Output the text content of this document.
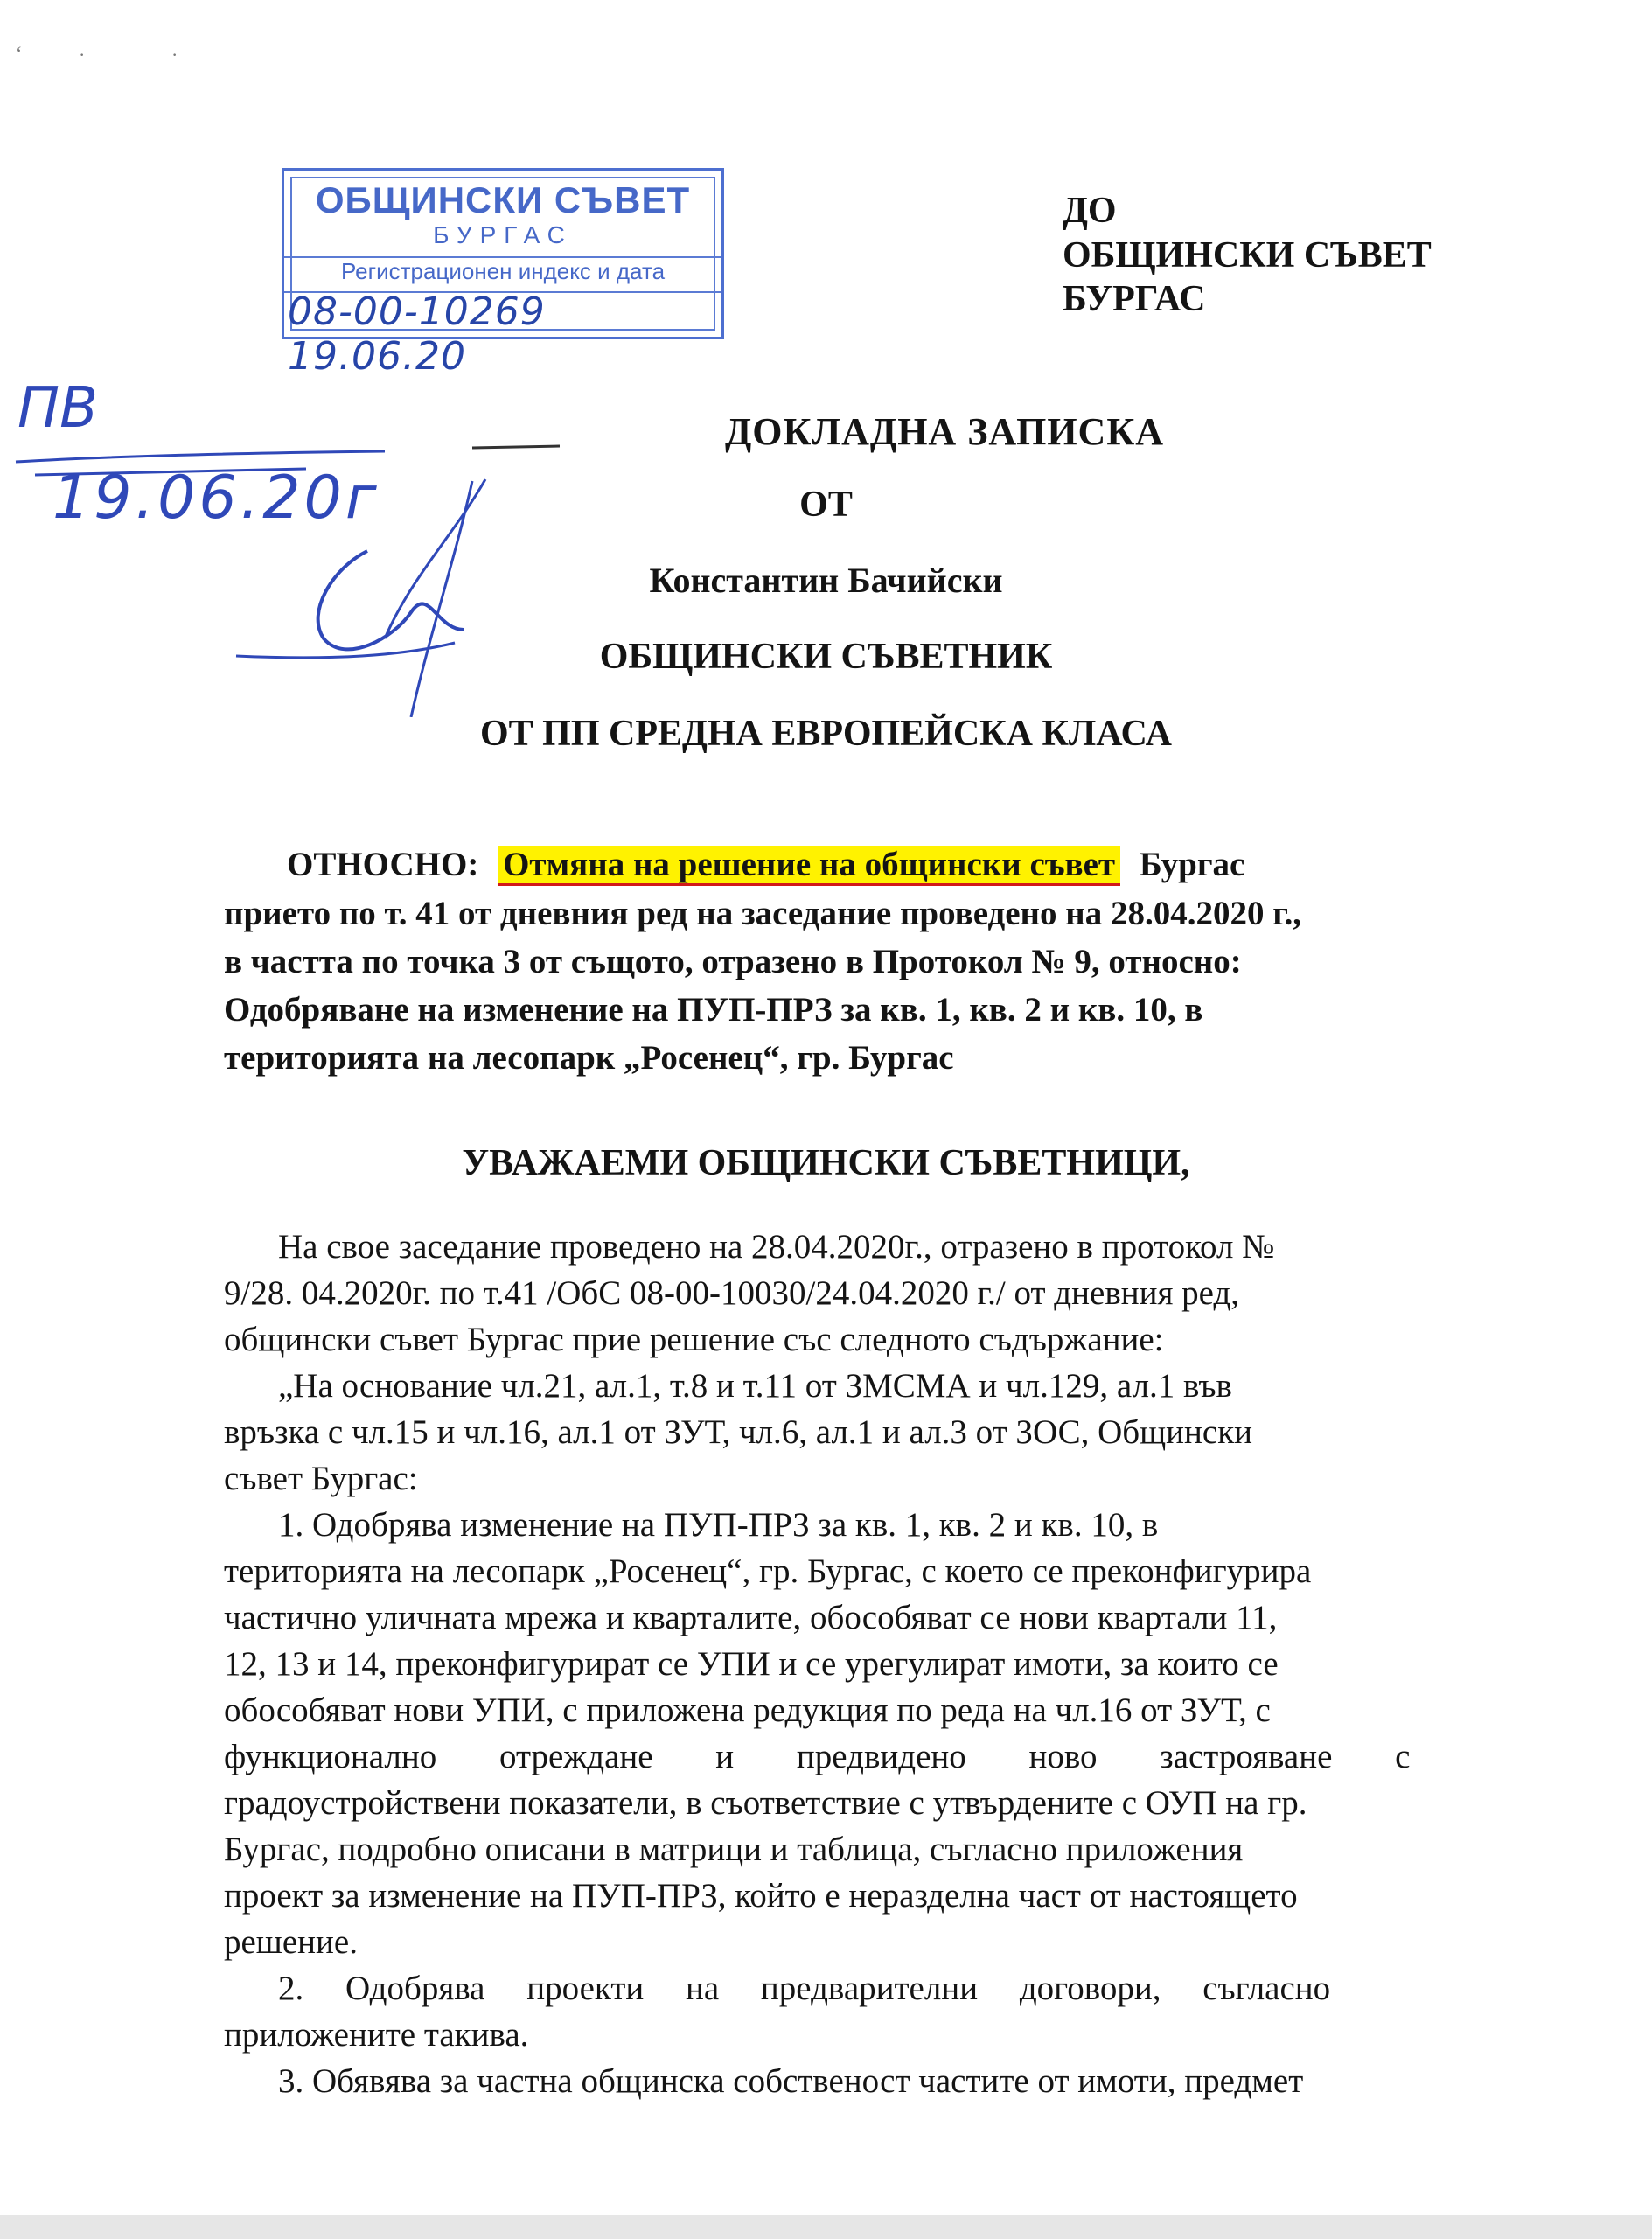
‘	·	·
ОБЩИНСКИ СЪВЕТ
БУРГАС
Регистрационен индекс и дата
08-00-10269 19.06.20
ДО
ОБЩИНСКИ СЪВЕТ
БУРГАС
ПВ
19.06.20г
ДОКЛАДНА ЗАПИСКА
ОТ
Константин Бачийски
ОБЩИНСКИ СЪВЕТНИК
ОТ ПП СРЕДНА ЕВРОПЕЙСКА КЛАСА
ОТНОСНО: Отмяна на решение на общински съвет Бургас
прието по т. 41 от дневния ред на заседание проведено на 28.04.2020 г.,
в частта по точка 3 от същото, отразено в Протокол № 9, относно:
Одобряване на изменение на ПУП-ПРЗ за кв. 1, кв. 2 и кв. 10, в
територията на лесопарк „Росенец“, гр. Бургас
УВАЖАЕМИ ОБЩИНСКИ СЪВЕТНИЦИ,
На свое заседание проведено на 28.04.2020г., отразено в протокол №
9/28. 04.2020г. по т.41 /ОбС 08-00-10030/24.04.2020 г./ от дневния ред,
общински съвет Бургас прие решение със следното съдържание:
„На основание чл.21, ал.1, т.8 и т.11 от ЗМСМА и чл.129, ал.1 във
връзка с чл.15 и чл.16, ал.1 от ЗУТ, чл.6, ал.1 и ал.3 от ЗОС, Общински
съвет Бургас:
1. Одобрява изменение на ПУП-ПРЗ за кв. 1, кв. 2 и кв. 10, в
територията на лесопарк „Росенец“, гр. Бургас, с което се преконфигурира
частично уличната мрежа и кварталите, обособяват се нови квартали 11,
12, 13 и 14, преконфигурират се УПИ и се урегулират имоти, за които се
обособяват нови УПИ, с приложена редукция по реда на чл.16 от ЗУТ, с
функционално отреждане и предвидено ново застрояване с
градоустройствени показатели, в съответствие с утвърдените с ОУП на гр.
Бургас, подробно описани в матрици и таблица, съгласно приложения
проект за изменение на ПУП-ПРЗ, който е неразделна част от настоящето
решение.
2. Одобрява проекти на предварителни договори, съгласно
приложените такива.
3. Обявява за частна общинска собственост частите от имоти, предмет
